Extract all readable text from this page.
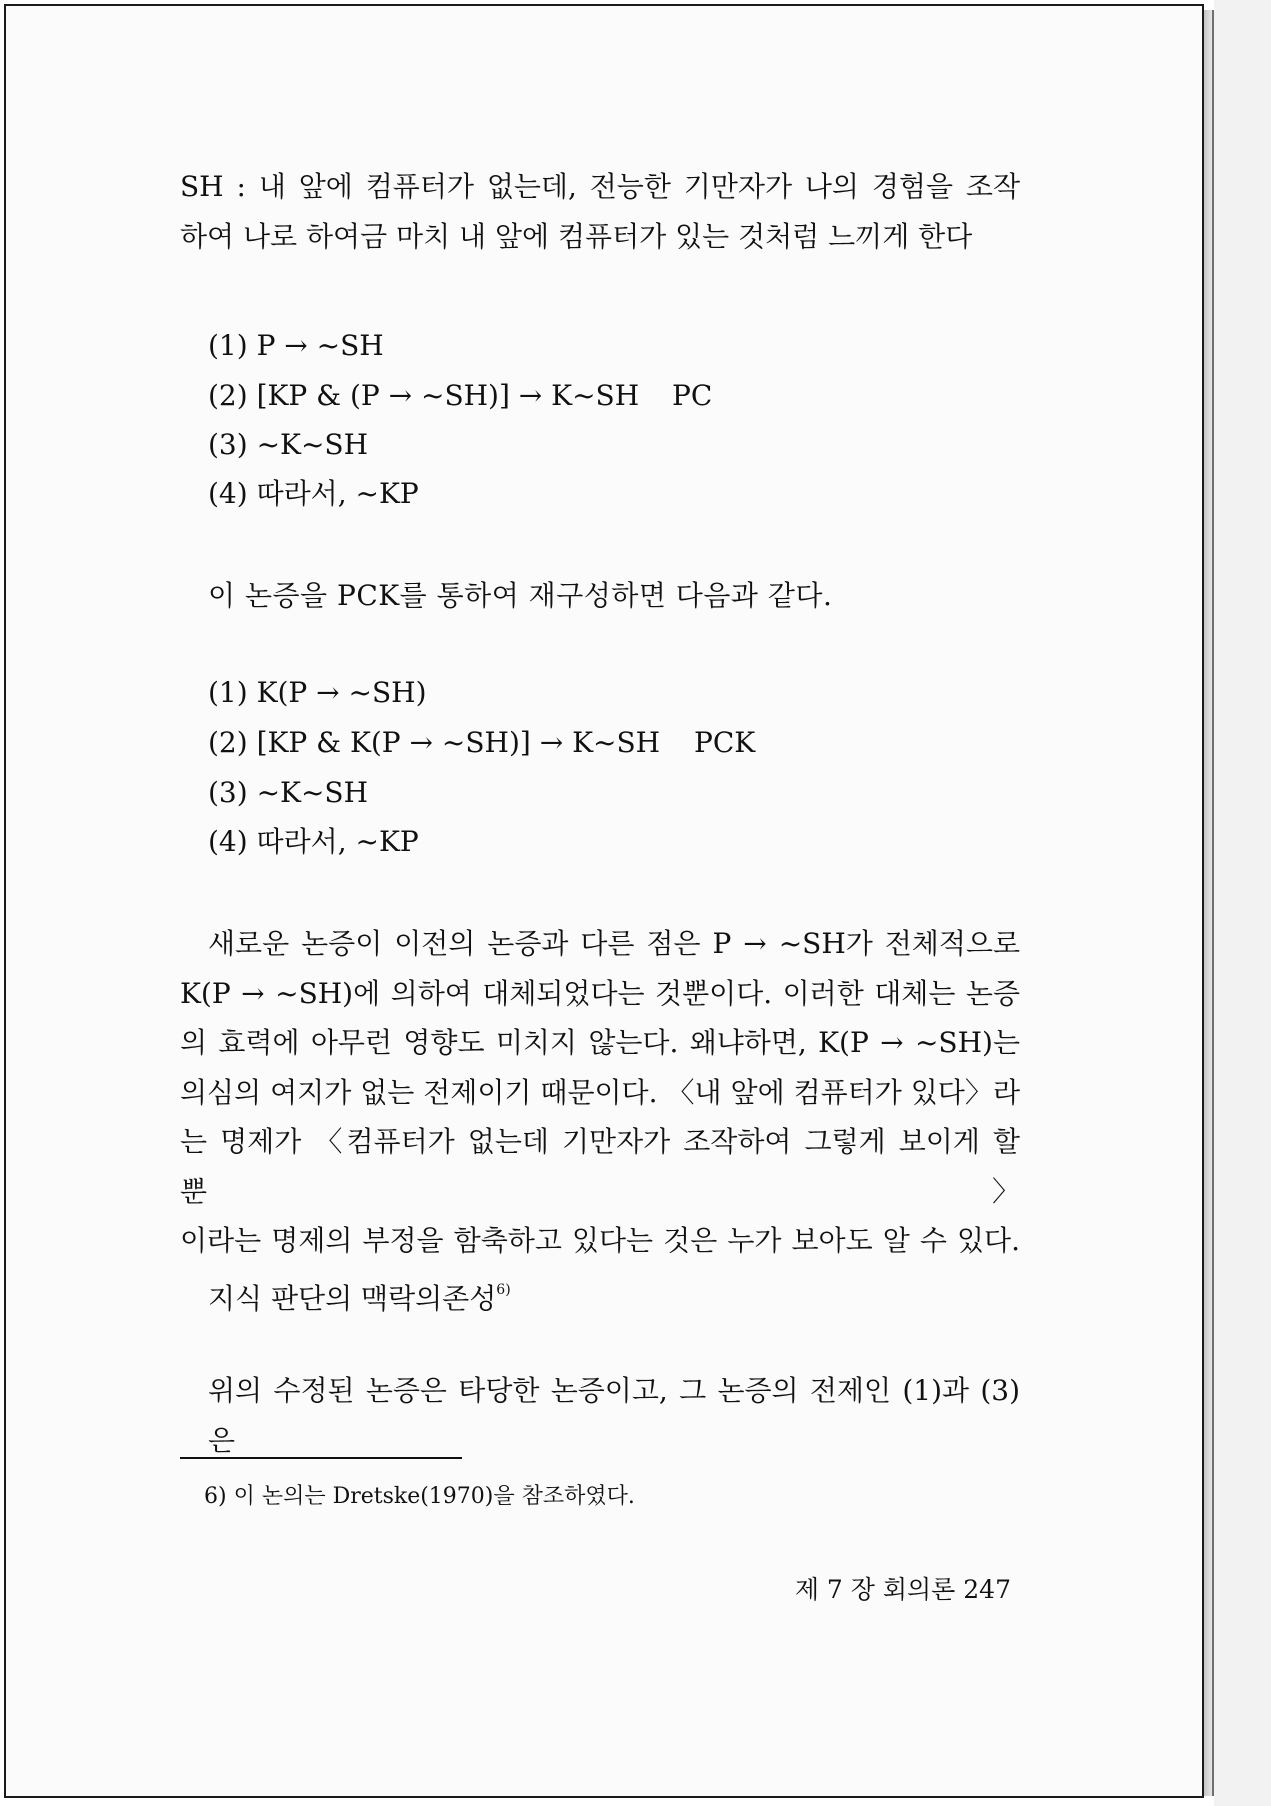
SH : 내 앞에 컴퓨터가 없는데, 전능한 기만자가 나의 경험을 조작
하여 나로 하여금 마치 내 앞에 컴퓨터가 있는 것처럼 느끼게 한다
(1) P → ~SH
(2) [KP & (P → ~SH)] → K~SH PC
(3) ~K~SH
(4) 따라서, ~KP
이 논증을 PCK를 통하여 재구성하면 다음과 같다.
(1) K(P → ~SH)
(2) [KP & K(P → ~SH)] → K~SH PCK
(3) ~K~SH
(4) 따라서, ~KP
새로운 논증이 이전의 논증과 다른 점은 P → ~SH가 전체적으로
K(P → ~SH)에 의하여 대체되었다는 것뿐이다. 이러한 대체는 논증
의 효력에 아무런 영향도 미치지 않는다. 왜냐하면, K(P → ~SH)는
의심의 여지가 없는 전제이기 때문이다. 〈내 앞에 컴퓨터가 있다〉라
는 명제가 〈컴퓨터가 없는데 기만자가 조작하여 그렇게 보이게 할 뿐〉
이라는 명제의 부정을 함축하고 있다는 것은 누가 보아도 알 수 있다.
지식 판단의 맥락의존성$^{6)}$
위의 수정된 논증은 타당한 논증이고, 그 논증의 전제인 (1)과 (3)은
6) 이 논의는 Dretske(1970)을 참조하였다.
제 7 장 회의론 247
